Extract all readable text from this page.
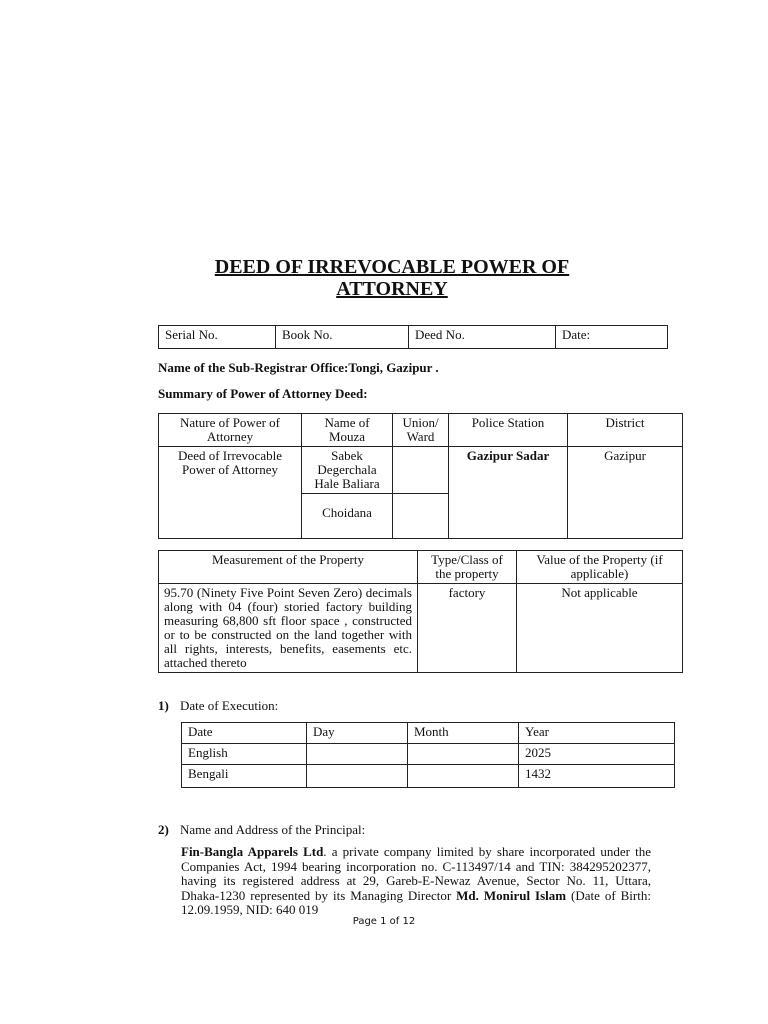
DEED OF IRREVOCABLE POWER OF
ATTORNEY
Serial No.	Book No.	Deed No.	Date:
Name of the Sub-Registrar Office:Tongi, Gazipur .
Summary of Power of Attorney Deed:
Nature of Power of Attorney	Name of Mouza	Union/ Ward	Police Station	District
Deed of Irrevocable Power of Attorney	Sabek Degerchala Hale Baliara		Gazipur Sadar	Gazipur
	Choidana			
Measurement of the Property	Type/Class of the property	Value of the Property (if applicable)
95.70 (Ninety Five Point Seven Zero) decimals along with 04 (four) storied factory building measuring 68,800 sft floor space , constructed or to be constructed on the land together with all rights, interests, benefits, easements etc. attached thereto	factory	Not applicable
1) Date of Execution:
Date	Day	Month	Year
English			2025
Bengali			1432
2) Name and Address of the Principal:
Fin-Bangla Apparels Ltd. a private company limited by share incorporated under the Companies Act, 1994 bearing incorporation no. C-113497/14 and TIN: 384295202377, having its registered address at 29, Gareb-E-Newaz Avenue, Sector No. 11, Uttara, Dhaka-1230 represented by its Managing Director Md. Monirul Islam (Date of Birth: 12.09.1959, NID: 640 019
Page 1 of 12
